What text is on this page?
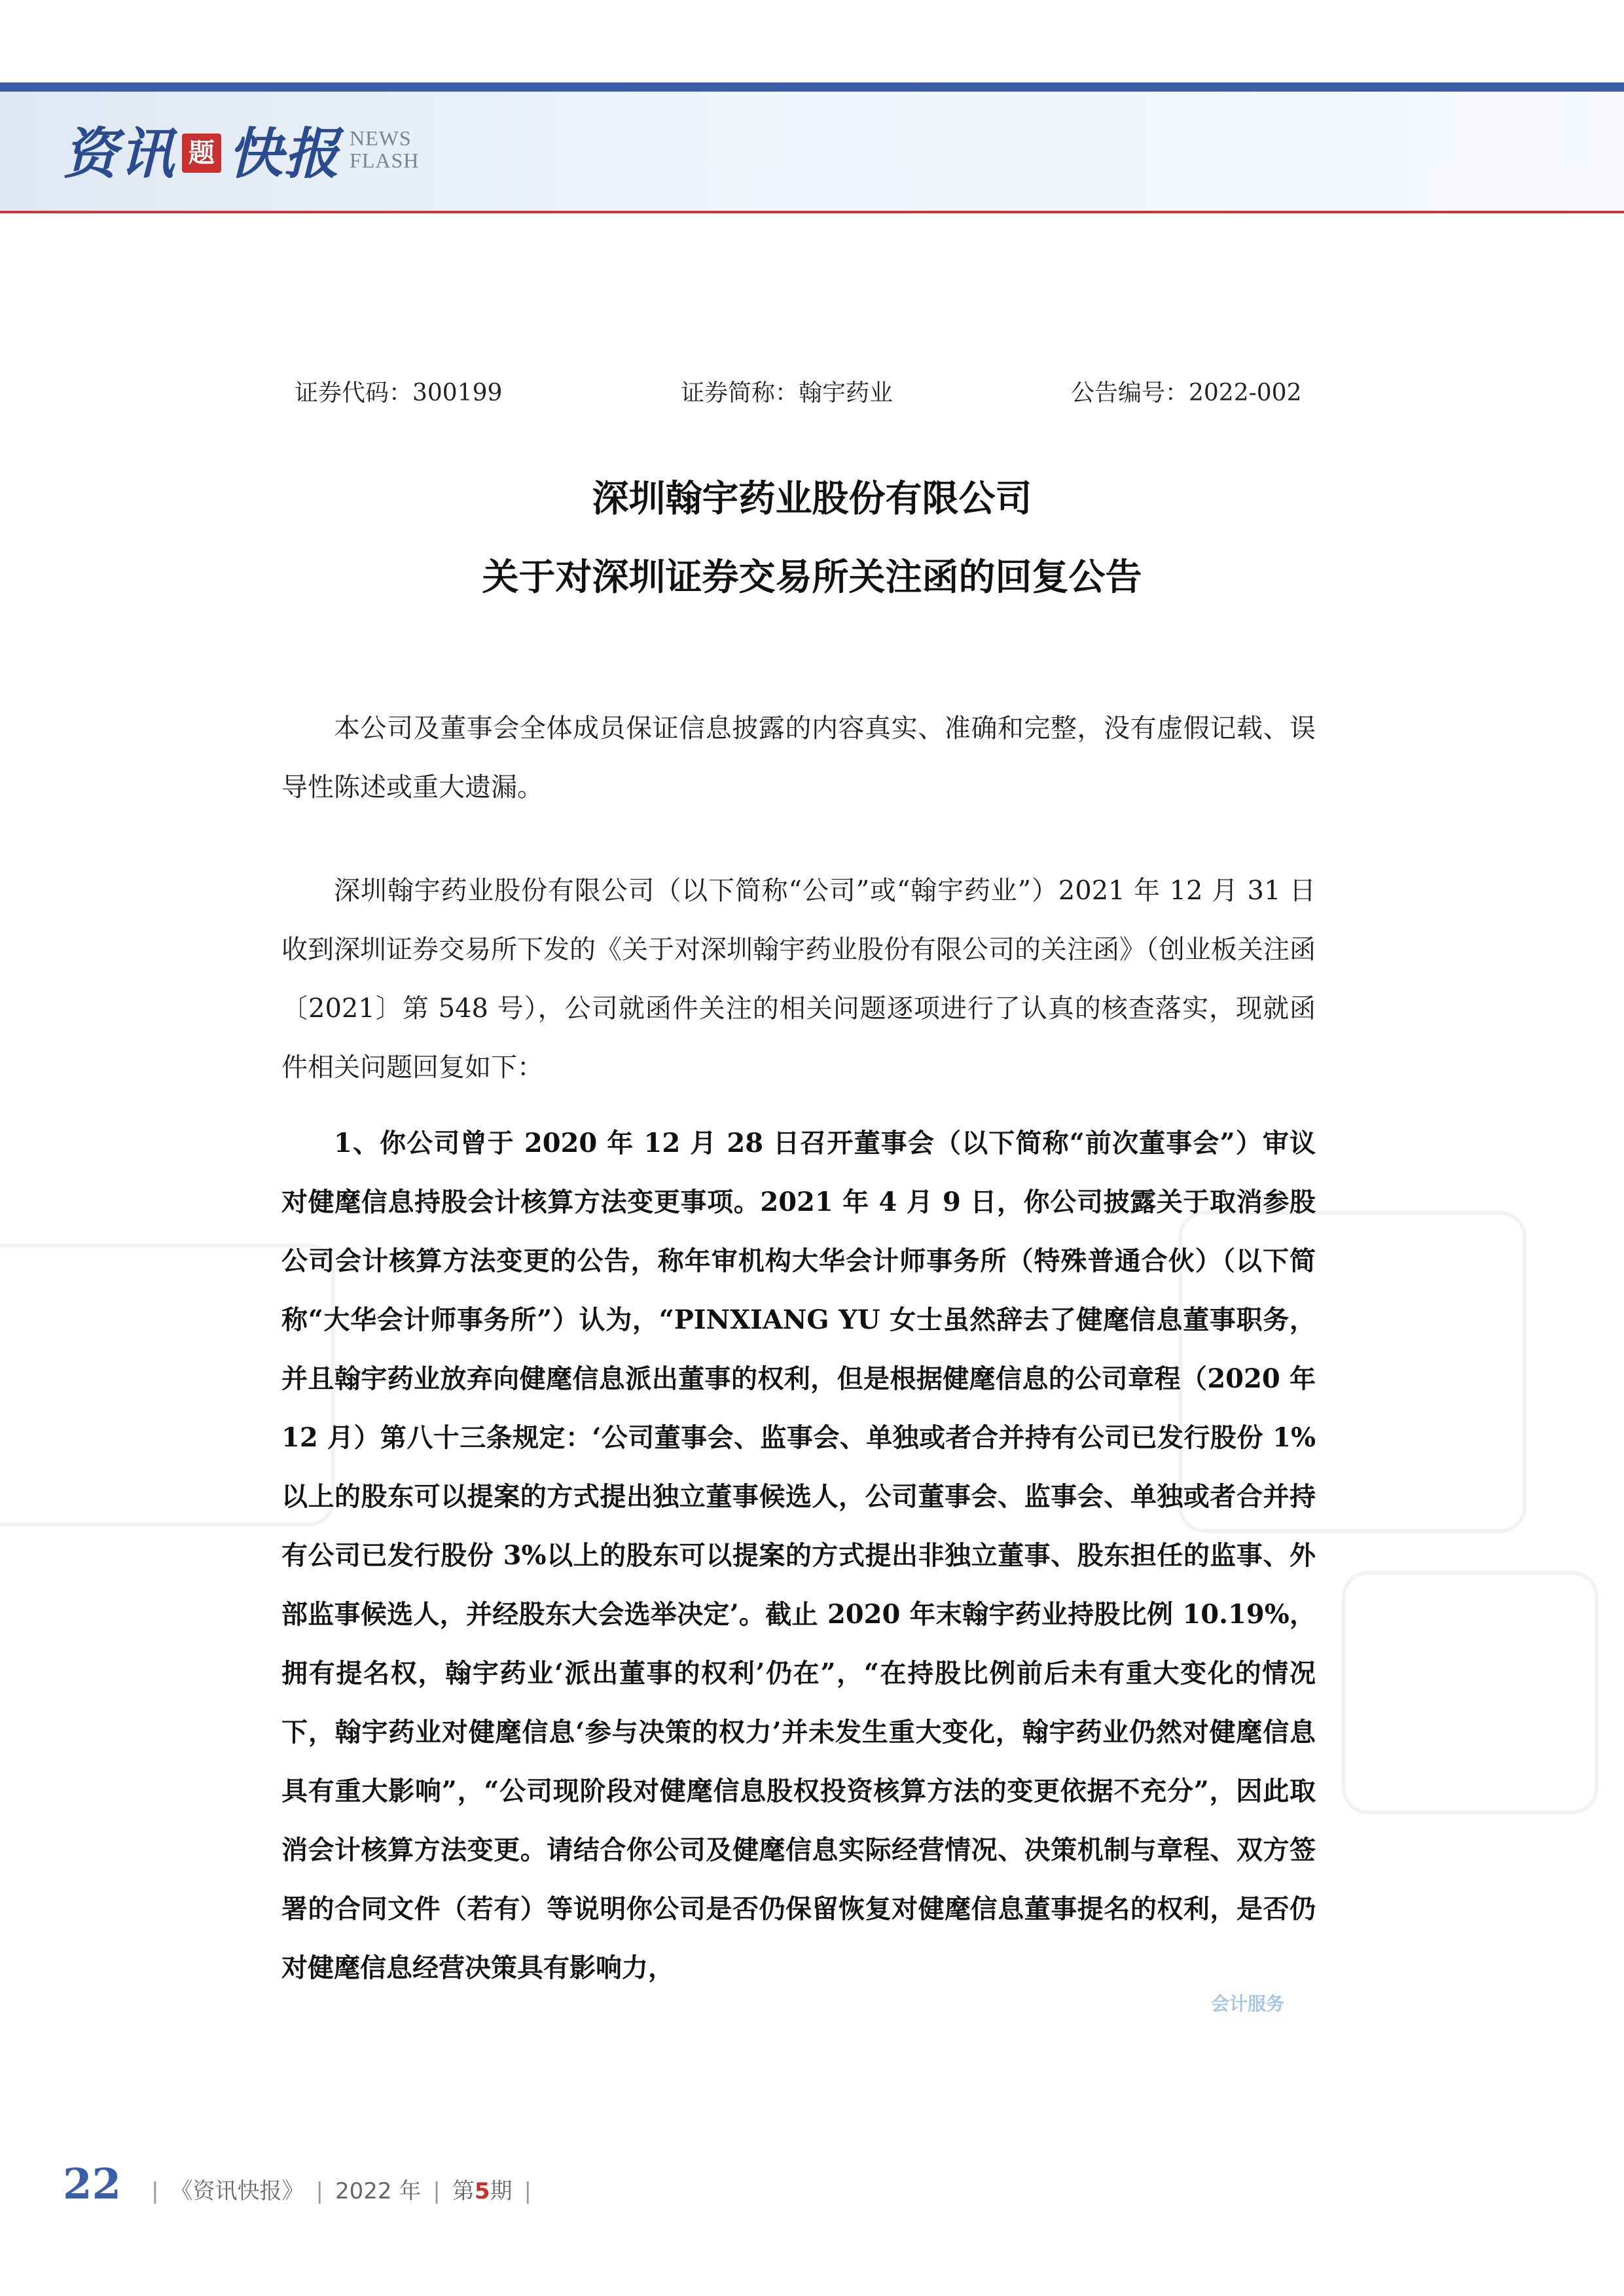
资讯 题 快报 NEWS
FLASH
证券代码：300199	证券简称：翰宇药业	公告编号：2022-002
深圳翰宇药业股份有限公司
关于对深圳证券交易所关注函的回复公告

本公司及董事会全体成员保证信息披露的内容真实、准确和完整，没有虚假记载、误导性陈述或重大遗漏。

深圳翰宇药业股份有限公司（以下简称“公司”或“翰宇药业”）2021 年 12 月 31 日收到深圳证券交易所下发的《关于对深圳翰宇药业股份有限公司的关注函》（创业板关注函〔2021〕第 548 号），公司就函件关注的相关问题逐项进行了认真的核查落实，现就函件相关问题回复如下：

1、你公司曾于 2020 年 12 月 28 日召开董事会（以下简称“前次董事会”）审议对健麾信息持股会计核算方法变更事项。2021 年 4 月 9 日，你公司披露关于取消参股公司会计核算方法变更的公告，称年审机构大华会计师事务所（特殊普通合伙）（以下简称“大华会计师事务所”）认为，“PINXIANG YU 女士虽然辞去了健麾信息董事职务，并且翰宇药业放弃向健麾信息派出董事的权利，但是根据健麾信息的公司章程（2020 年 12 月）第八十三条规定：‘公司董事会、监事会、单独或者合并持有公司已发行股份 1%以上的股东可以提案的方式提出独立董事候选人，公司董事会、监事会、单独或者合并持有公司已发行股份 3%以上的股东可以提案的方式提出非独立董事、股东担任的监事、外部监事候选人，并经股东大会选举决定’。截止 2020 年末翰宇药业持股比例 10.19%，拥有提名权，翰宇药业‘派出董事的权利’仍在”，“在持股比例前后未有重大变化的情况下，翰宇药业对健麾信息‘参与决策的权力’并未发生重大变化，翰宇药业仍然对健麾信息具有重大影响”，“公司现阶段对健麾信息股权投资核算方法的变更依据不充分”，因此取消会计核算方法变更。请结合你公司及健麾信息实际经营情况、决策机制与章程、双方签署的合同文件（若有）等说明你公司是否仍保留恢复对健麾信息董事提名的权利，是否仍对健麾信息经营决策具有影响力，

会计服务
22 | 《资讯快报》 | 2022 年 | 第5期 |
